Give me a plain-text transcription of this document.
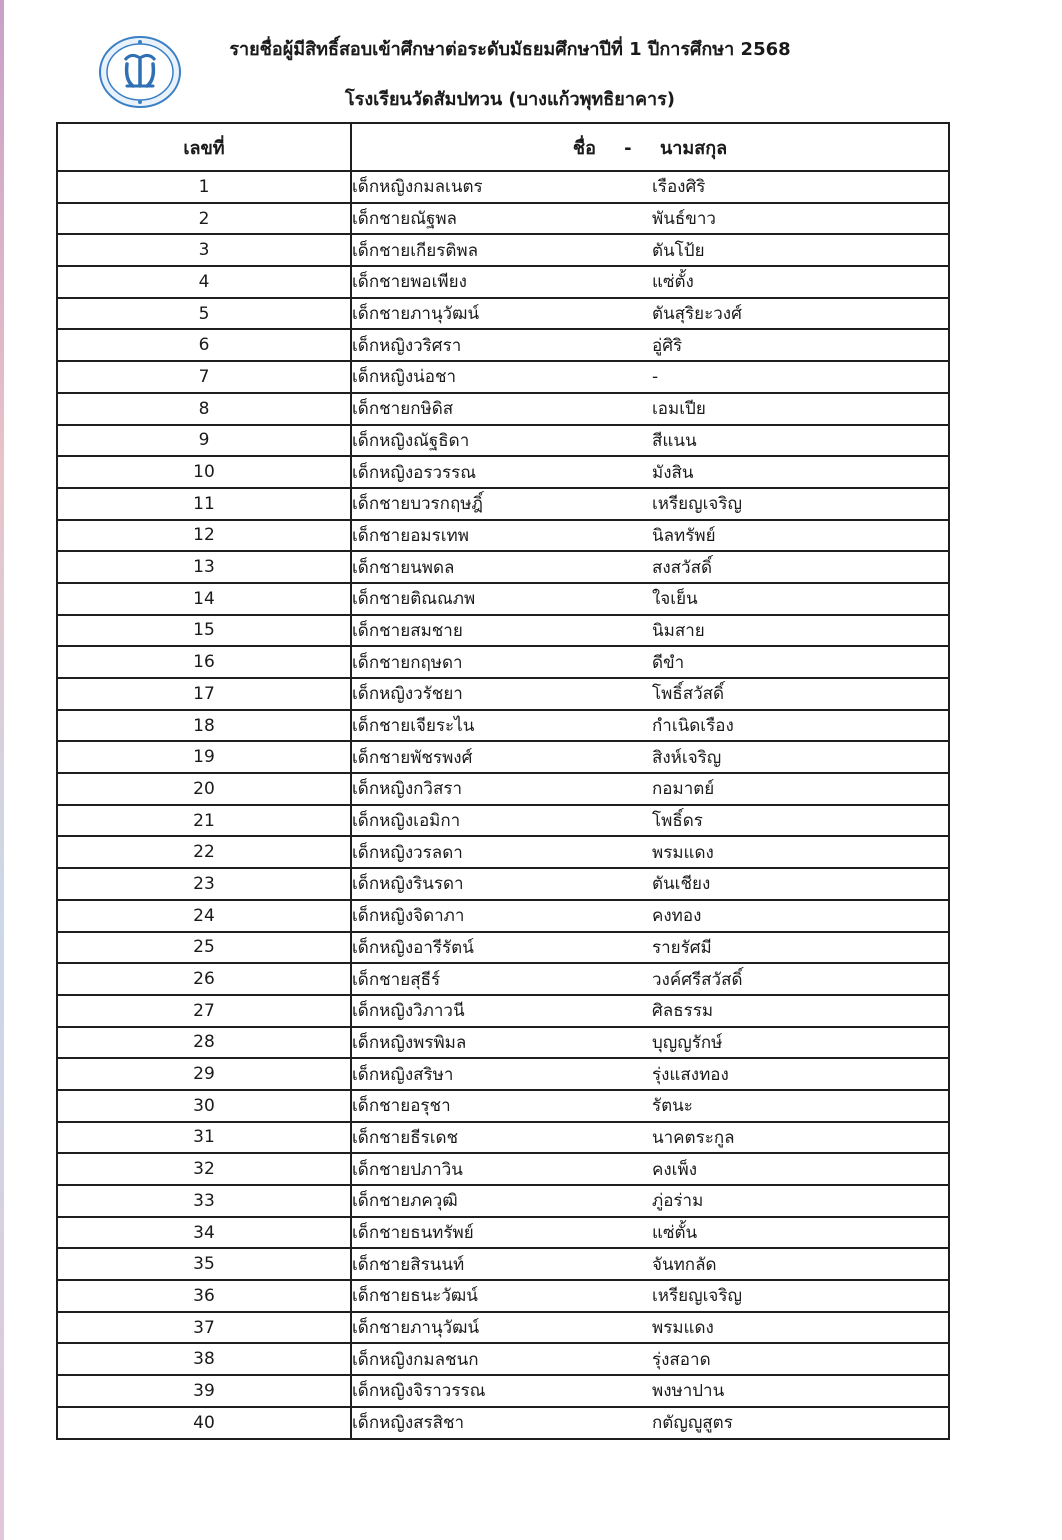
รายชื่อผู้มีสิทธิ์สอบเข้าศึกษาต่อระดับมัธยมศึกษาปีที่ 1 ปีการศึกษา 2568
โรงเรียนวัดสัมปทวน (บางแก้วพุทธิยาคาร)
เลขที่	ชื่อ - นามสกุล
1	เด็กหญิงกมลเนตร เรืองศิริ
2	เด็กชายณัฐพล พันธ์ขาว
3	เด็กชายเกียรติพล ตันโป้ย
4	เด็กชายพอเพียง แซ่ตั้ง
5	เด็กชายภานุวัฒน์ ตันสุริยะวงศ์
6	เด็กหญิงวริศรา อู่ศิริ
7	เด็กหญิงน่อชา -
8	เด็กชายกษิดิส เอมเปีย
9	เด็กหญิงณัฐธิดา สีแนน
10	เด็กหญิงอรวรรณ มังสิน
11	เด็กชายบวรกฤษฎิ์ เหรียญเจริญ
12	เด็กชายอมรเทพ นิลทรัพย์
13	เด็กชายนพดล สงสวัสดิ์
14	เด็กชายติณณภพ ใจเย็น
15	เด็กชายสมชาย นิมสาย
16	เด็กชายกฤษดา ดีขำ
17	เด็กหญิงวรัชยา โพธิ์สวัสดิ์
18	เด็กชายเจียระไน กำเนิดเรือง
19	เด็กชายพัชรพงศ์ สิงห์เจริญ
20	เด็กหญิงกวิสรา กอมาตย์
21	เด็กหญิงเอมิกา โพธิ์ดร
22	เด็กหญิงวรลดา พรมแดง
23	เด็กหญิงรินรดา ตันเชียง
24	เด็กหญิงจิดาภา คงทอง
25	เด็กหญิงอารีรัตน์ รายรัศมี
26	เด็กชายสุธีร์ วงค์ศรีสวัสดิ์
27	เด็กหญิงวิภาวนี ศิลธรรม
28	เด็กหญิงพรพิมล บุญญรักษ์
29	เด็กหญิงสริษา รุ่งแสงทอง
30	เด็กชายอรุชา รัตนะ
31	เด็กชายธีรเดช นาคตระกูล
32	เด็กชายปภาวิน คงเพ็ง
33	เด็กชายภควุฒิ ภู่อร่าม
34	เด็กชายธนทรัพย์ แซ่ตั้น
35	เด็กชายสิรนนท์ จันทกลัด
36	เด็กชายธนะวัฒน์ เหรียญเจริญ
37	เด็กชายภานุวัฒน์ พรมแดง
38	เด็กหญิงกมลชนก รุ่งสอาด
39	เด็กหญิงจิราวรรณ พงษาปาน
40	เด็กหญิงสรสิชา กตัญญูสูตร
